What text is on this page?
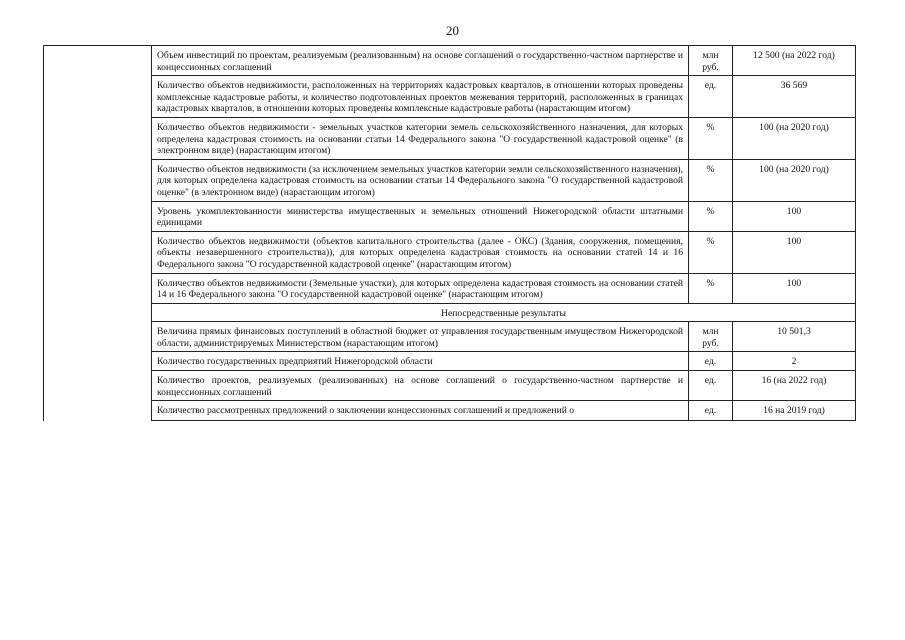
20
	Объем инвестиций по проектам, реализуемым (реализованным) на основе соглашений о государственно-частном партнерстве и концессионных соглашений	млн руб.	12 500 (на 2022 год)
	Количество объектов недвижимости, расположенных на территориях кадастровых кварталов, в отношении которых проведены комплексные кадастровые работы, и количество подготовленных проектов межевания территорий, расположенных в границах кадастровых кварталов, в отношении которых проведены комплексные кадастровые работы (нарастающим итогом)	ед.	36 569
	Количество объектов недвижимости - земельных участков категории земель сельскохозяйственного назначения, для которых определена кадастровая стоимость на основании статьи 14 Федерального закона "О государственной кадастровой оценке" (в электронном виде) (нарастающим итогом)	%	100 (на 2020 год)
	Количество объектов недвижимости (за исключением земельных участков категории земли сельскохозяйственного назначения), для которых определена кадастровая стоимость на основании статьи 14 Федерального закона "О государственной кадастровой оценке" (в электронном виде) (нарастающим итогом)	%	100 (на 2020 год)
	Уровень укомплектованности министерства имущественных и земельных отношений Нижегородской области штатными единицами	%	100
	Количество объектов недвижимости (объектов капитального строительства (далее - ОКС) (Здания, сооружения, помещения, объекты незавершенного строительства)), для которых определена кадастровая стоимость на основании статей 14 и 16 Федерального закона "О государственной кадастровой оценке" (нарастающим итогом)	%	100
	Количество объектов недвижимости (Земельные участки), для которых определена кадастровая стоимость на основании статей 14 и 16 Федерального закона "О государственной кадастровой оценке" (нарастающим итогом)	%	100
	Непосредственные результаты		
	Величина прямых финансовых поступлений в областной бюджет от управления государственным имуществом Нижегородской области, администрируемых Министерством (нарастающим итогом)	млн руб.	10 501,3
	Количество государственных предприятий Нижегородской области	ед.	2
	Количество проектов, реализуемых (реализованных) на основе соглашений о государственно-частном партнерстве и концессионных соглашений	ед.	16 (на 2022 год)
	Количество рассмотренных предложений о заключении концессионных соглашений и предложений о	ед.	16 на 2019 год)
